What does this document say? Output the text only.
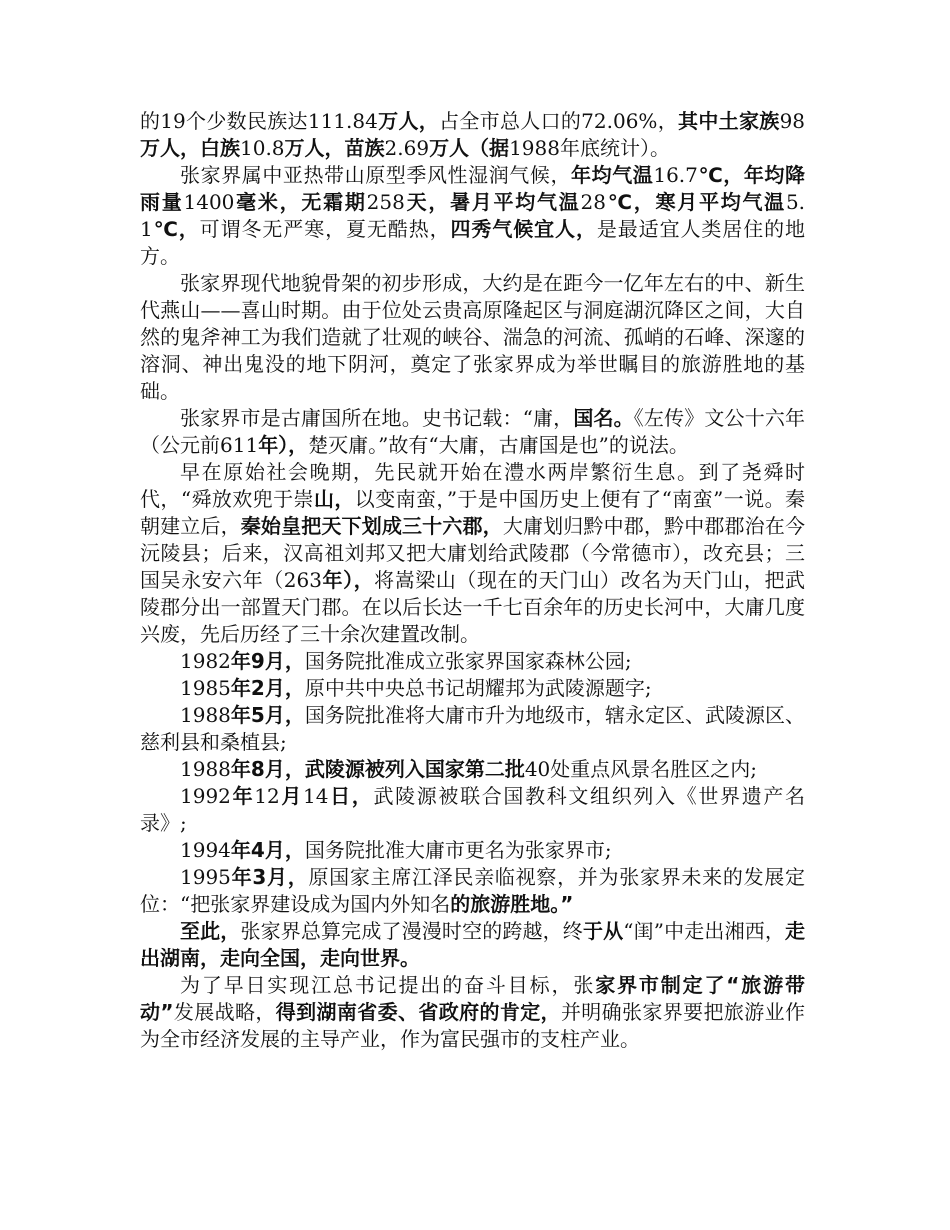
的19个少数民族达111.84万人，占全市总人口的72.06%，其中土家族98万人，白族10.8万人，苗族2.69万人（据1988年底统计）。

张家界属中亚热带山原型季风性湿润气候，年均气温16.7℃，年均降雨量1400毫米，无霜期258天，暑月平均气温28℃，寒月平均气温5.1℃，可谓冬无严寒，夏无酷热，四秀气候宜人，是最适宜人类居住的地方。

张家界现代地貌骨架的初步形成，大约是在距今一亿年左右的中、新生代燕山——喜山时期。由于位处云贵高原隆起区与洞庭湖沉降区之间，大自然的鬼斧神工为我们造就了壮观的峡谷、湍急的河流、孤峭的石峰、深邃的溶洞、神出鬼没的地下阴河，奠定了张家界成为举世瞩目的旅游胜地的基础。

张家界市是古庸国所在地。史书记载：“庸，国名。《左传》文公十六年（公元前611年），楚灭庸。”故有“大庸，古庸国是也”的说法。

早在原始社会晚期，先民就开始在澧水两岸繁衍生息。到了尧舜时代，“舜放欢兜于崇山，以变南蛮，”于是中国历史上便有了“南蛮”一说。秦朝建立后，秦始皇把天下划成三十六郡，大庸划归黔中郡，黔中郡郡治在今沅陵县；后来，汉高祖刘邦又把大庸划给武陵郡（今常德市），改充县；三国吴永安六年（263年），将嵩梁山（现在的天门山）改名为天门山，把武陵郡分出一部置天门郡。在以后长达一千七百余年的历史长河中，大庸几度兴废，先后历经了三十余次建置改制。

1982年9月，国务院批准成立张家界国家森林公园;

1985年2月，原中共中央总书记胡耀邦为武陵源题字;

1988年5月，国务院批准将大庸市升为地级市，辖永定区、武陵源区、慈利县和桑植县;

1988年8月，武陵源被列入国家第二批40处重点风景名胜区之内;

1992年12月14日，武陵源被联合国教科文组织列入《世界遗产名录》;

1994年4月，国务院批准大庸市更名为张家界市;

1995年3月，原国家主席江泽民亲临视察，并为张家界未来的发展定位：“把张家界建设成为国内外知名的旅游胜地。”

至此，张家界总算完成了漫漫时空的跨越，终于从“闺”中走出湘西，走出湖南，走向全国，走向世界。

为了早日实现江总书记提出的奋斗目标，张家界市制定了“旅游带动”发展战略，得到湖南省委、省政府的肯定，并明确张家界要把旅游业作为全市经济发展的主导产业，作为富民强市的支柱产业。
